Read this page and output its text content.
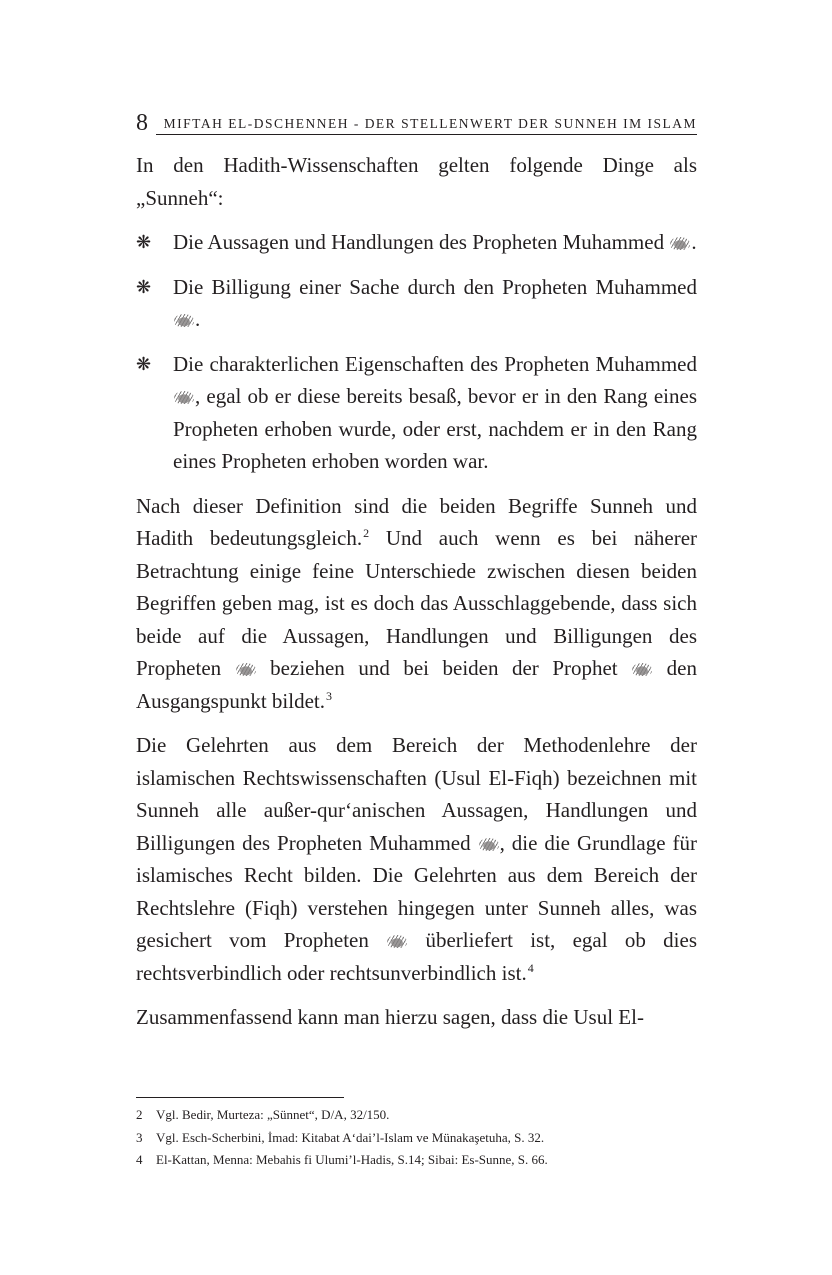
8 MIFTAH EL-DSCHENNEH - DER STELLENWERT DER SUNNEH IM ISLAM

In den Hadith-Wissenschaften gelten folgende Dinge als „Sunneh“:

❋ Die Aussagen und Handlungen des Propheten Muhammed .
❋ Die Billigung einer Sache durch den Propheten Muhammed .
❋ Die charakterlichen Eigenschaften des Propheten Muhammed , egal ob er diese bereits besaß, bevor er in den Rang eines Propheten erhoben wurde, oder erst, nachdem er in den Rang eines Propheten erhoben worden war.

Nach dieser Definition sind die beiden Begriffe Sunneh und Hadith bedeutungsgleich.$^2$ Und auch wenn es bei näherer Betrachtung einige feine Unterschiede zwischen diesen beiden Begriffen geben mag, ist es doch das Ausschlaggebende, dass sich beide auf die Aussagen, Handlungen und Billigungen des Propheten  beziehen und bei beiden der Prophet  den Ausgangspunkt bildet.$^3$

Die Gelehrten aus dem Bereich der Methodenlehre der islamischen Rechtswissenschaften (Usul El-Fiqh) bezeichnen mit Sunneh alle außer-qur‘anischen Aussagen, Handlungen und Billigungen des Propheten Muhammed , die die Grundlage für islamisches Recht bilden. Die Gelehrten aus dem Bereich der Rechtslehre (Fiqh) verstehen hingegen unter Sunneh alles, was gesichert vom Propheten  überliefert ist, egal ob dies rechtsverbindlich oder rechtsunverbindlich ist.$^4$

Zusammenfassend kann man hierzu sagen, dass die Usul El-

2 Vgl. Bedir, Murteza: „Sünnet“, D/A, 32/150.
3 Vgl. Esch-Scherbini, İmad: Kitabat A‘dai’l-Islam ve Münakaşetuha, S. 32.
4 El-Kattan, Menna: Mebahis fi Ulumi’l-Hadis, S.14; Sibai: Es-Sunne, S. 66.
